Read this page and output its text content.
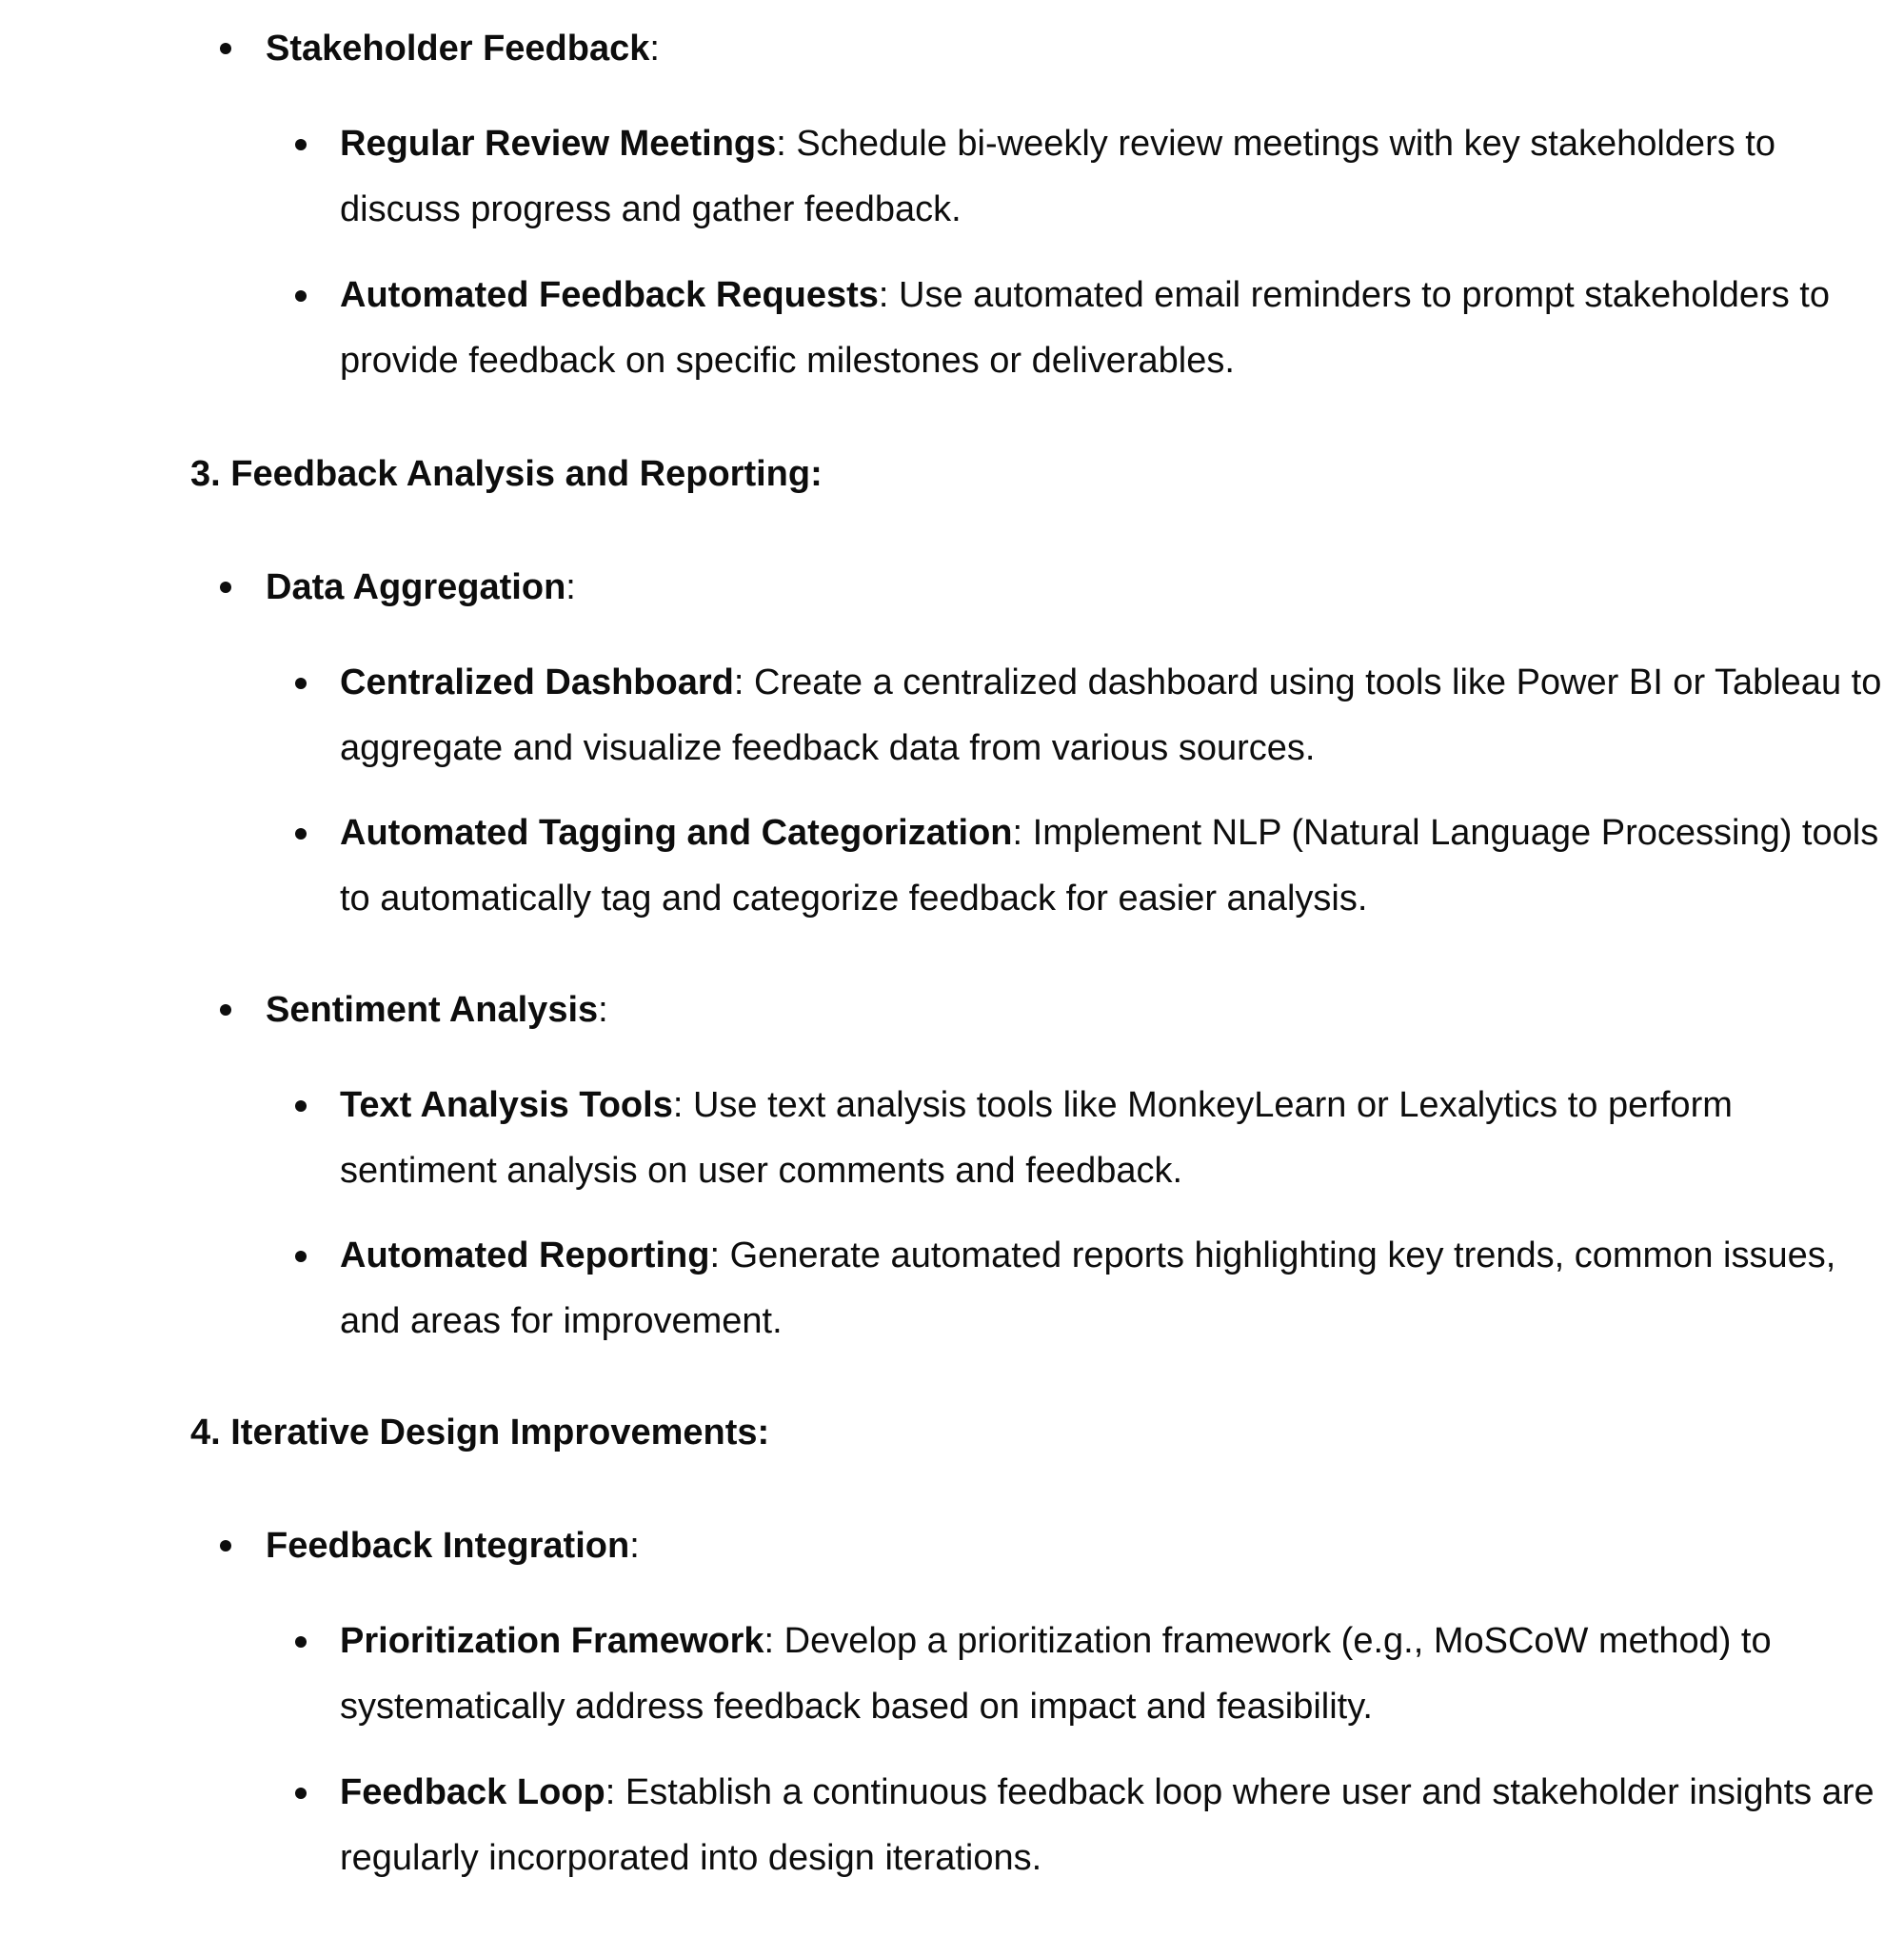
Stakeholder Feedback:
Regular Review Meetings: Schedule bi-weekly review meetings with key stakeholders to discuss progress and gather feedback.
Automated Feedback Requests: Use automated email reminders to prompt stakeholders to provide feedback on specific milestones or deliverables.
3. Feedback Analysis and Reporting:
Data Aggregation:
Centralized Dashboard: Create a centralized dashboard using tools like Power BI or Tableau to aggregate and visualize feedback data from various sources.
Automated Tagging and Categorization: Implement NLP (Natural Language Processing) tools to automatically tag and categorize feedback for easier analysis.
Sentiment Analysis:
Text Analysis Tools: Use text analysis tools like MonkeyLearn or Lexalytics to perform sentiment analysis on user comments and feedback.
Automated Reporting: Generate automated reports highlighting key trends, common issues, and areas for improvement.
4. Iterative Design Improvements:
Feedback Integration:
Prioritization Framework: Develop a prioritization framework (e.g., MoSCoW method) to systematically address feedback based on impact and feasibility.
Feedback Loop: Establish a continuous feedback loop where user and stakeholder insights are regularly incorporated into design iterations.
